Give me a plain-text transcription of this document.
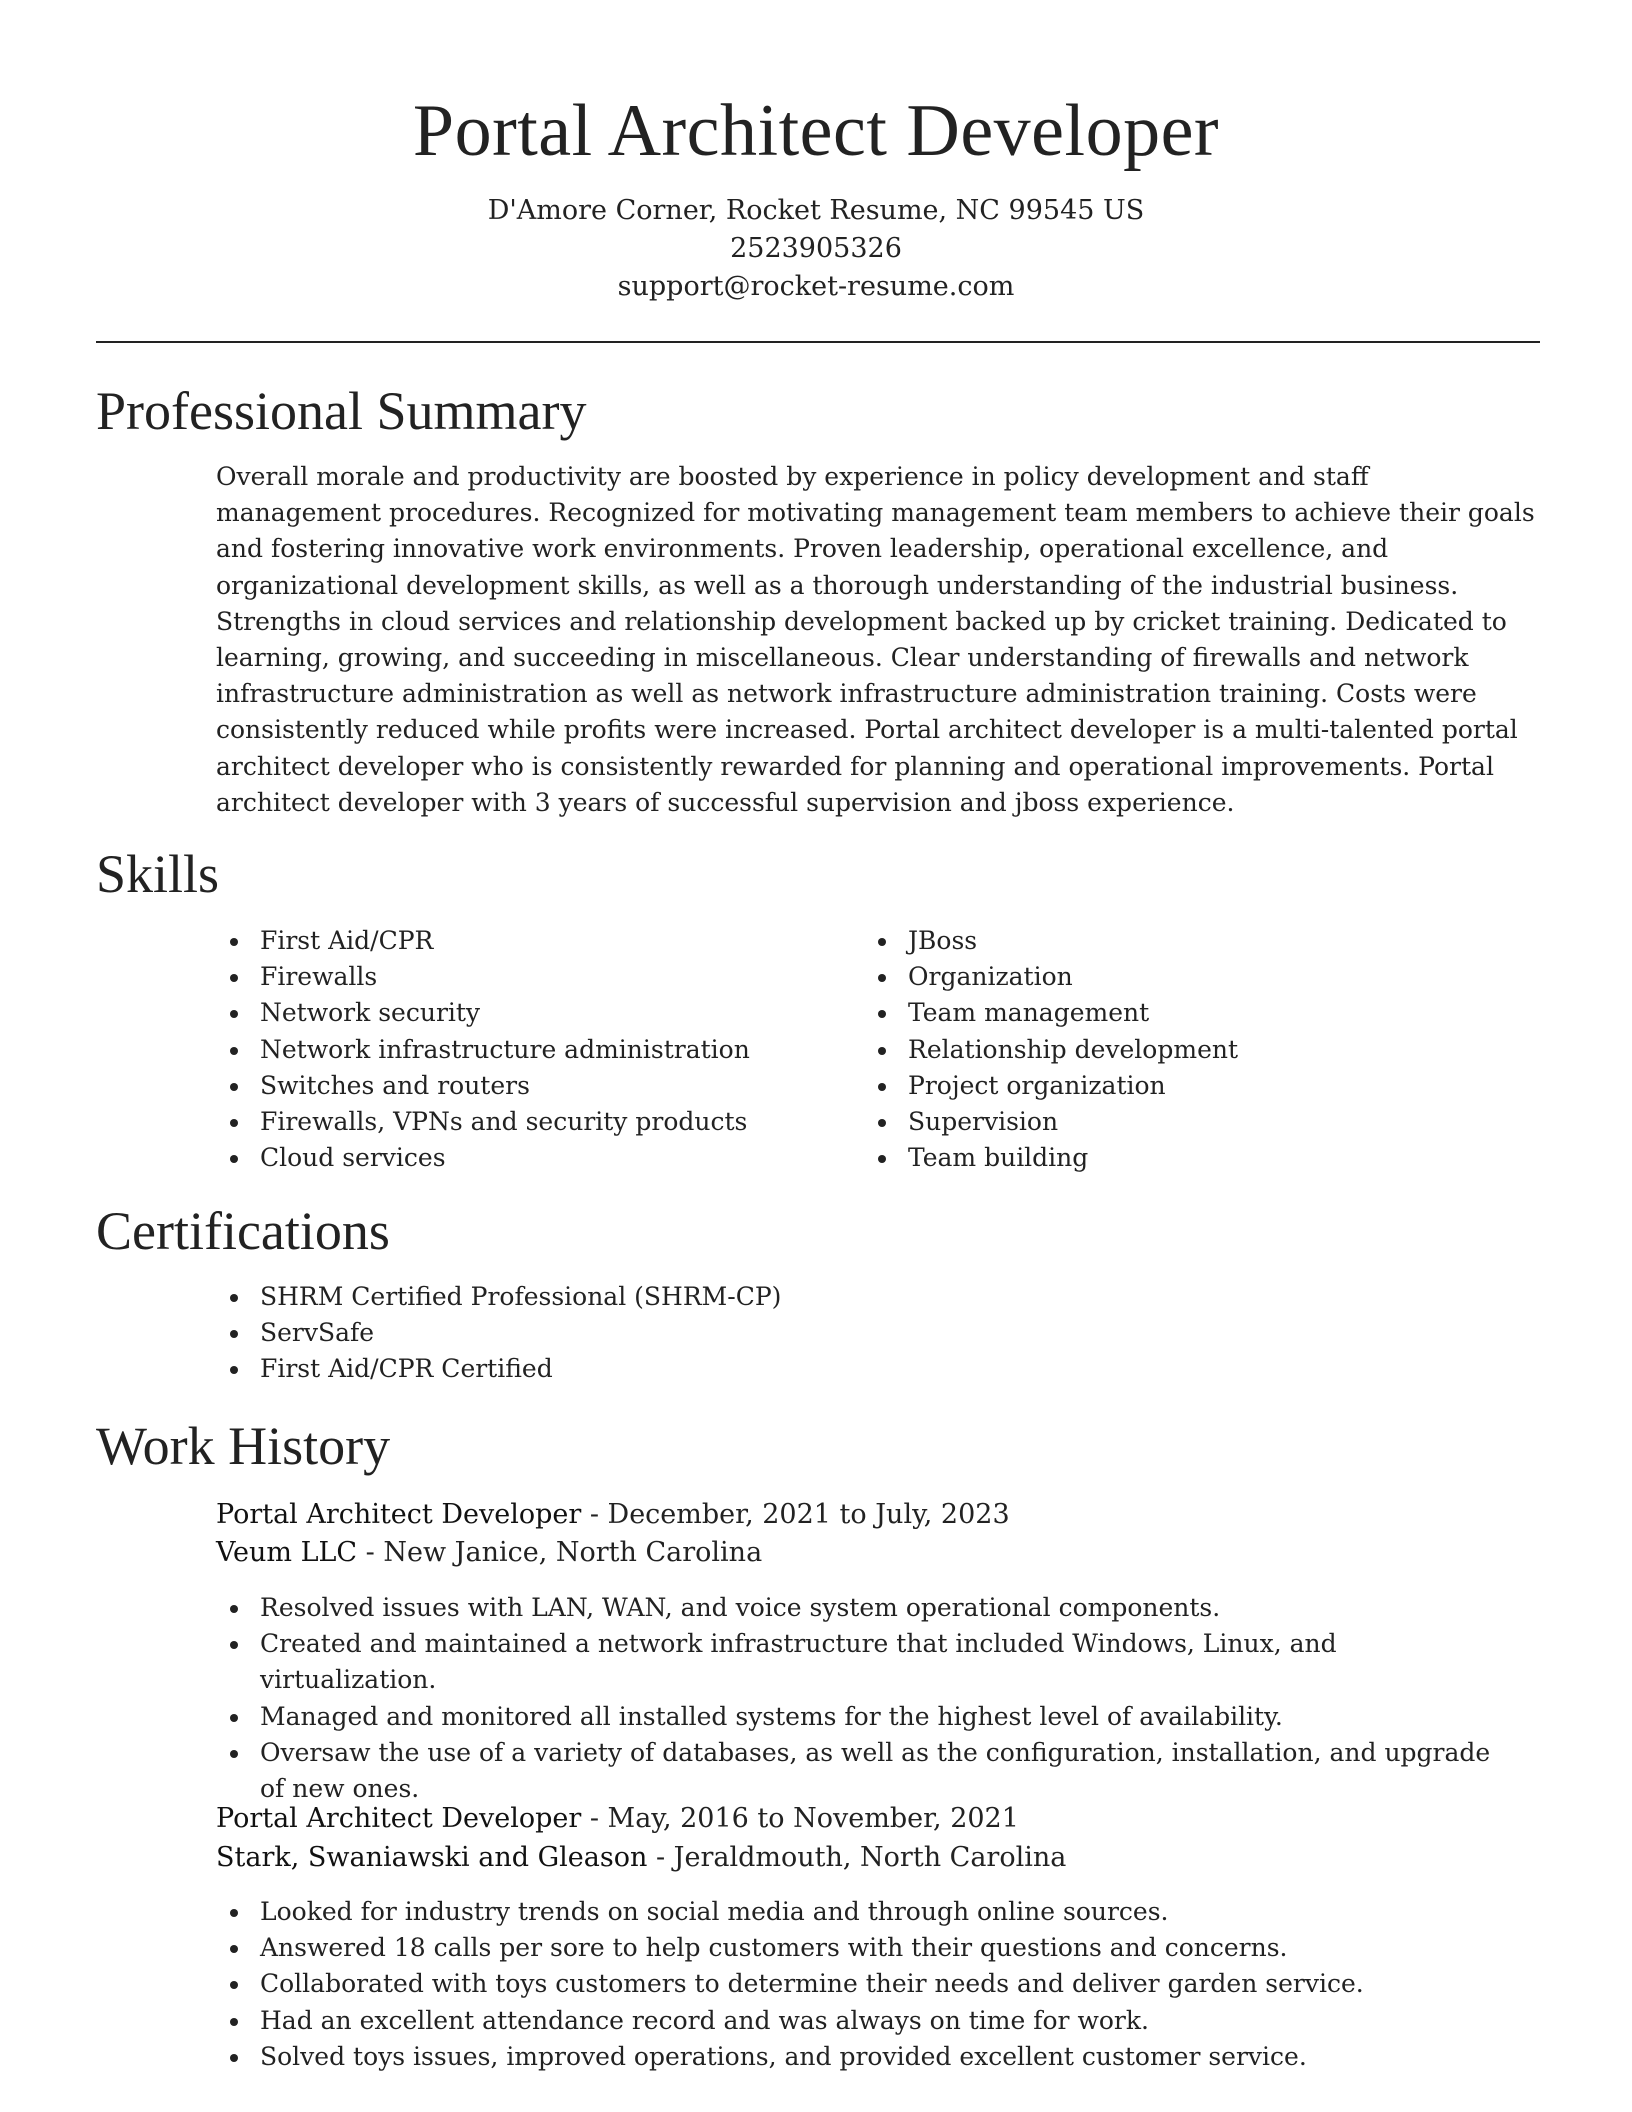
Portal Architect Developer
D'Amore Corner, Rocket Resume, NC 99545 US
2523905326
support@rocket-resume.com
Professional Summary

Overall morale and productivity are boosted by experience in policy development and staff management procedures. Recognized for motivating management team members to achieve their goals and fostering innovative work environments. Proven leadership, operational excellence, and organizational development skills, as well as a thorough understanding of the industrial business. Strengths in cloud services and relationship development backed up by cricket training. Dedicated to learning, growing, and succeeding in miscellaneous. Clear understanding of firewalls and network infrastructure administration as well as network infrastructure administration training. Costs were consistently reduced while profits were increased. Portal architect developer is a multi-talented portal architect developer who is consistently rewarded for planning and operational improvements. Portal architect developer with 3 years of successful supervision and jboss experience.

Skills
First Aid/CPR
Firewalls
Network security
Network infrastructure administration
Switches and routers
Firewalls, VPNs and security products
Cloud services
JBoss
Organization
Team management
Relationship development
Project organization
Supervision
Team building
Certifications
SHRM Certified Professional (SHRM-CP)
ServSafe
First Aid/CPR Certified
Work History
Portal Architect Developer - December, 2021 to July, 2023
Veum LLC - New Janice, North Carolina
Resolved issues with LAN, WAN, and voice system operational components.
Created and maintained a network infrastructure that included Windows, Linux, and virtualization.
Managed and monitored all installed systems for the highest level of availability.
Oversaw the use of a variety of databases, as well as the configuration, installation, and upgrade of new ones.
Portal Architect Developer - May, 2016 to November, 2021
Stark, Swaniawski and Gleason - Jeraldmouth, North Carolina
Looked for industry trends on social media and through online sources.
Answered 18 calls per sore to help customers with their questions and concerns.
Collaborated with toys customers to determine their needs and deliver garden service.
Had an excellent attendance record and was always on time for work.
Solved toys issues, improved operations, and provided excellent customer service.
